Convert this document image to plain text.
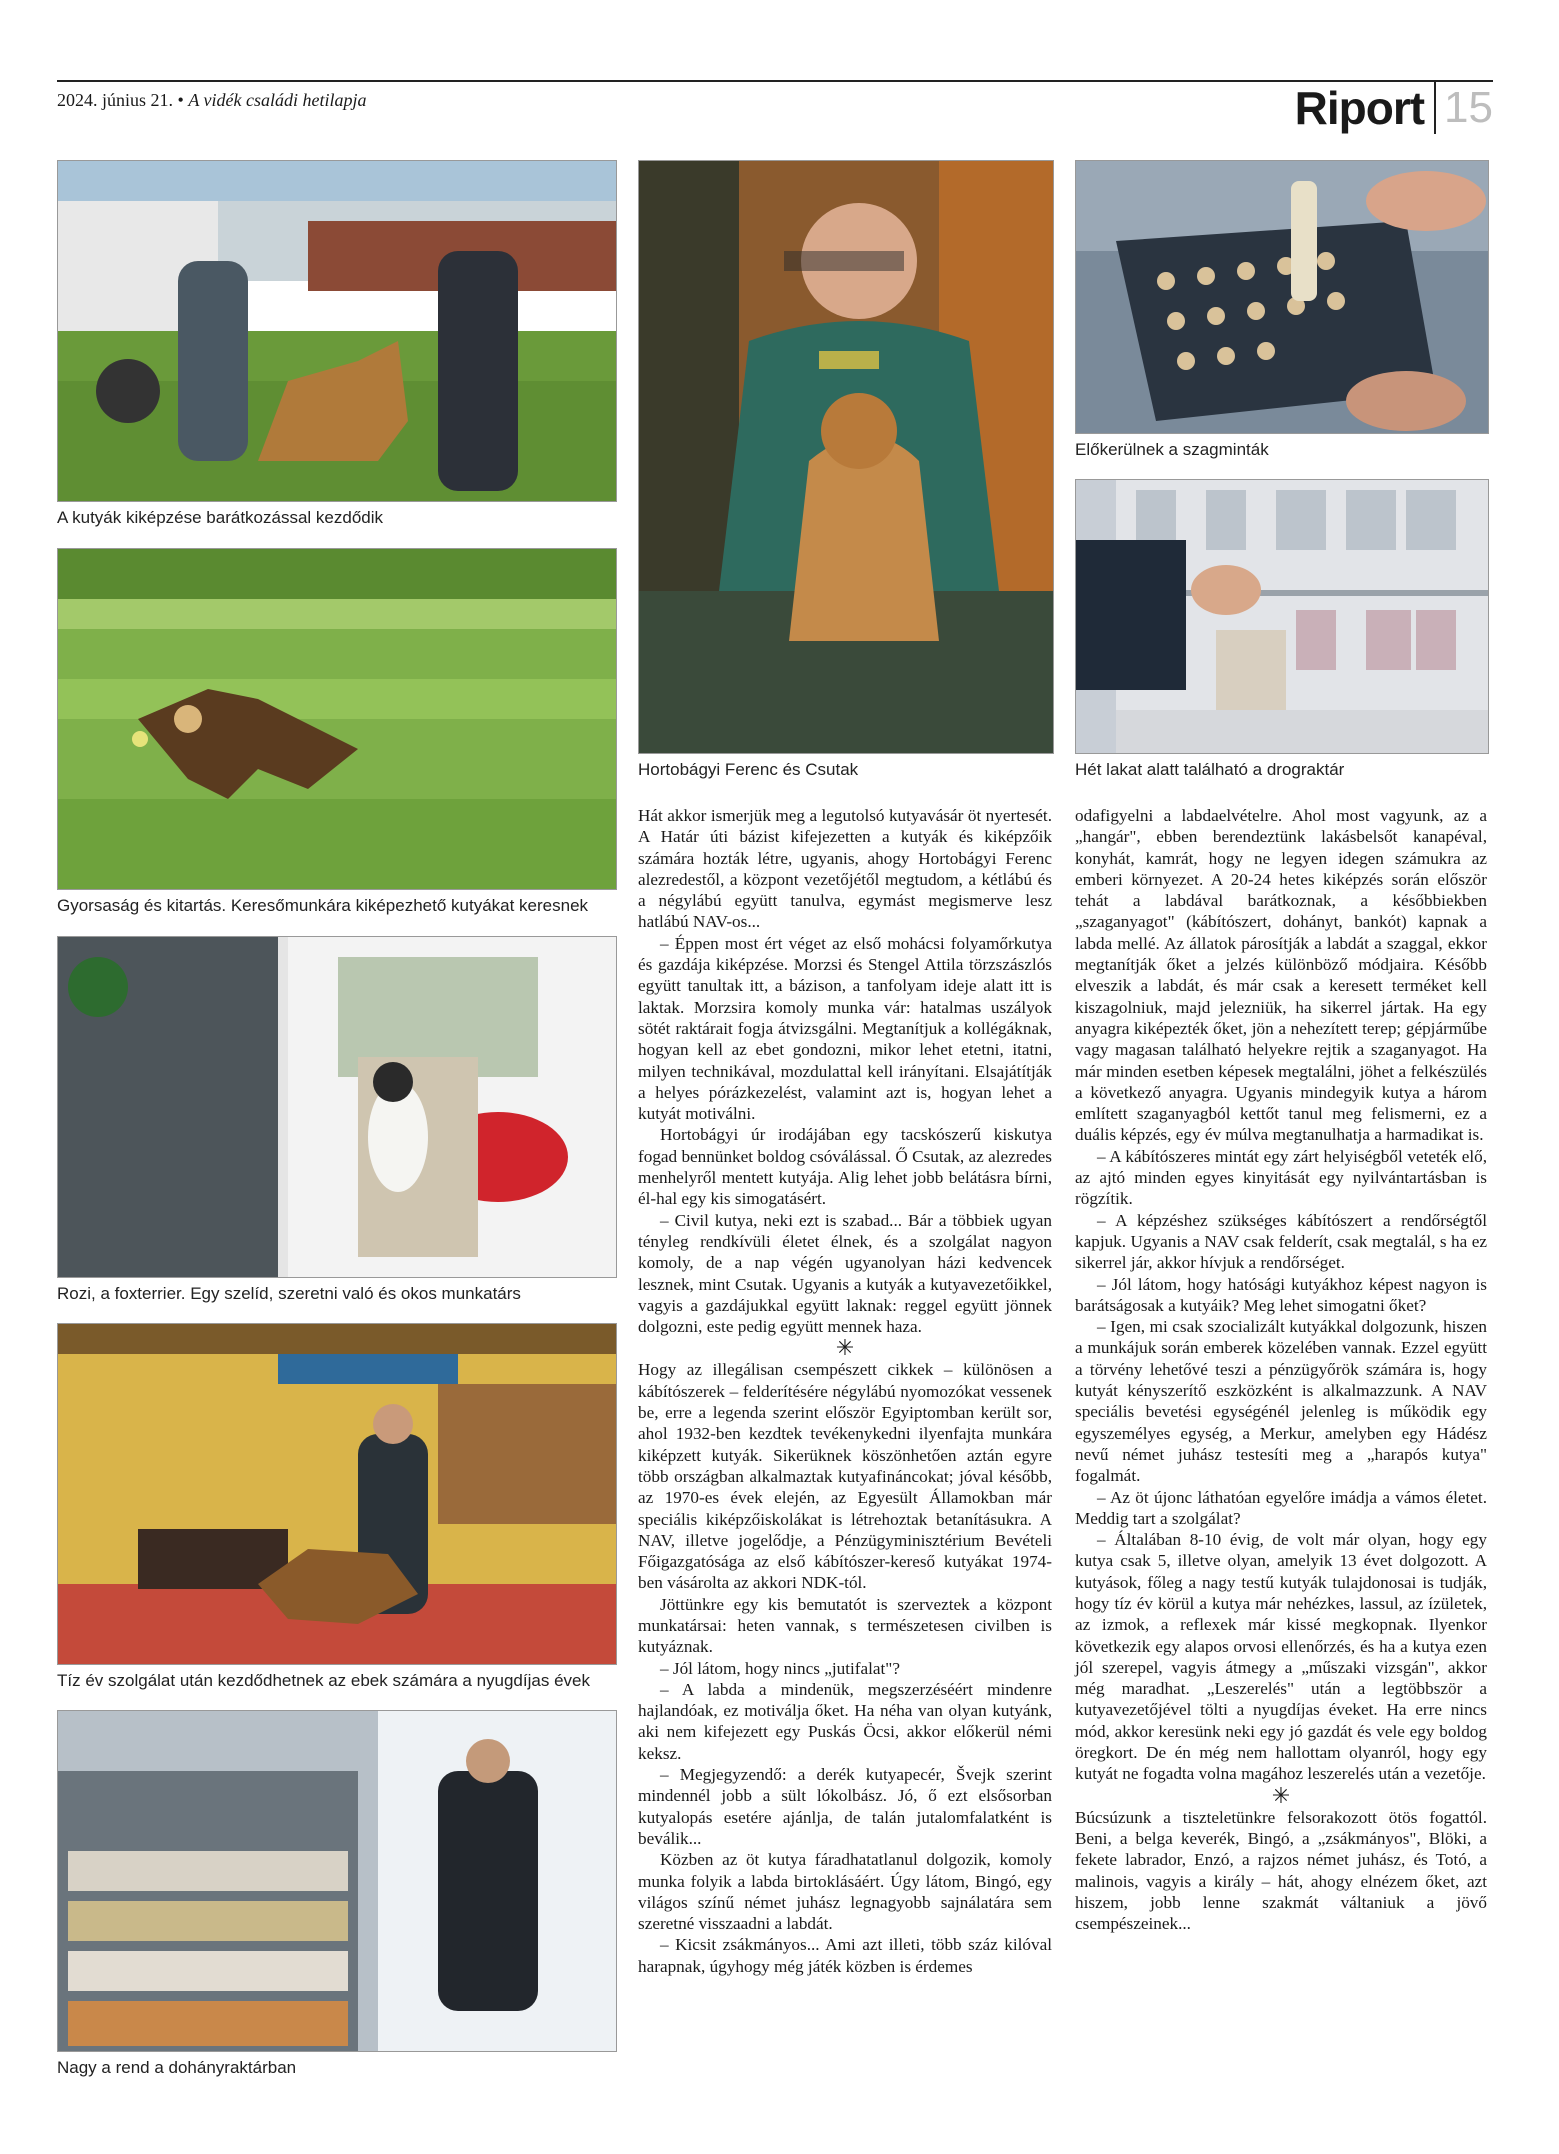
2024. június 21. • A vidék családi hetilapja	Riport 15
A kutyák kiképzése barátkozással kezdődik
Gyorsaság és kitartás. Keresőmunkára kiképezhető kutyákat keresnek
Rozi, a foxterrier. Egy szelíd, szeretni való és okos munkatárs
Tíz év szolgálat után kezdődhetnek az ebek számára a nyugdíjas évek
Nagy a rend a dohányraktárban
Hortobágyi Ferenc és Csutak
Előkerülnek a szagminták
Hét lakat alatt található a drograktár

Hát akkor ismerjük meg a legutolsó kutyavásár öt nyertesét. A Határ úti bázist kifejezetten a kutyák és kiképzőik számára hozták létre, ugyanis, ahogy Hortobágyi Ferenc alezredestől, a központ vezetőjétől megtudom, a kétlábú és a négylábú együtt tanulva, egymást megismerve lesz hatlábú NAV-os...

– Éppen most ért véget az első mohácsi folyamőrkutya és gazdája kiképzése. Morzsi és Stengel Attila törzszászlós együtt tanultak itt, a bázison, a tanfolyam ideje alatt itt is laktak. Morzsira komoly munka vár: hatalmas uszályok sötét raktárait fogja átvizsgálni. Megtanítjuk a kollégáknak, hogyan kell az ebet gondozni, mikor lehet etetni, itatni, milyen technikával, mozdulattal kell irányítani. Elsajátítják a helyes pórázkezelést, valamint azt is, hogyan lehet a kutyát motiválni.

Hortobágyi úr irodájában egy tacskószerű kiskutya fogad bennünket boldog csóválással. Ő Csutak, az alezredes menhelyről mentett kutyája. Alig lehet jobb belátásra bírni, él-hal egy kis simogatásért.

– Civil kutya, neki ezt is szabad... Bár a többiek ugyan tényleg rendkívüli életet élnek, és a szolgálat nagyon komoly, de a nap végén ugyanolyan házi kedvencek lesznek, mint Csutak. Ugyanis a kutyák a kutyavezetőikkel, vagyis a gazdájukkal együtt laknak: reggel együtt jönnek dolgozni, este pedig együtt mennek haza.

✳

Hogy az illegálisan csempészett cikkek – különösen a kábítószerek – felderítésére négylábú nyomozókat vessenek be, erre a legenda szerint először Egyiptomban került sor, ahol 1932-ben kezdtek tevékenykedni ilyenfajta munkára kiképzett kutyák. Sikerüknek köszönhetően aztán egyre több országban alkalmaztak kutyafináncokat; jóval később, az 1970-es évek elején, az Egyesült Államokban már speciális kiképzőiskolákat is létrehoztak betanításukra. A NAV, illetve jogelődje, a Pénzügyminisztérium Bevételi Főigazgatósága az első kábítószer-kereső kutyákat 1974-ben vásárolta az akkori NDK-tól.

Jöttünkre egy kis bemutatót is szerveztek a központ munkatársai: heten vannak, s természetesen civilben is kutyáznak.

– Jól látom, hogy nincs „jutifalat"?

– A labda a mindenük, megszerzéséért mindenre hajlandóak, ez motiválja őket. Ha néha van olyan kutyánk, aki nem kifejezett egy Puskás Öcsi, akkor előkerül némi keksz.

– Megjegyzendő: a derék kutyapecér, Švejk szerint mindennél jobb a sült lókolbász. Jó, ő ezt elsősorban kutyalopás esetére ajánlja, de talán jutalomfalatként is beválik...

Közben az öt kutya fáradhatatlanul dolgozik, komoly munka folyik a labda birtoklásáért. Úgy látom, Bingó, egy világos színű német juhász legnagyobb sajnálatára sem szeretné visszaadni a labdát.

– Kicsit zsákmányos... Ami azt illeti, több száz kilóval harapnak, úgyhogy még játék közben is érdemes

odafigyelni a labdaelvételre. Ahol most vagyunk, az a „hangár", ebben berendeztünk lakásbelsőt kanapéval, konyhát, kamrát, hogy ne legyen idegen számukra az emberi környezet. A 20-24 hetes kiképzés során először tehát a labdával barátkoznak, a későbbiekben „szaganyagot" (kábítószert, dohányt, bankót) kapnak a labda mellé. Az állatok párosítják a labdát a szaggal, ekkor megtanítják őket a jelzés különböző módjaira. Később elveszik a labdát, és már csak a keresett terméket kell kiszagolniuk, majd jelezniük, ha sikerrel jártak. Ha egy anyagra kiképezték őket, jön a nehezített terep; gépjárműbe vagy magasan található helyekre rejtik a szaganyagot. Ha már minden esetben képesek megtalálni, jöhet a felkészülés a következő anyagra. Ugyanis mindegyik kutya a három említett szaganyagból kettőt tanul meg felismerni, ez a duális képzés, egy év múlva megtanulhatja a harmadikat is.

– A kábítószeres mintát egy zárt helyiségből veteték elő, az ajtó minden egyes kinyitását egy nyilvántartásban is rögzítik.

– A képzéshez szükséges kábítószert a rendőrségtől kapjuk. Ugyanis a NAV csak felderít, csak megtalál, s ha ez sikerrel jár, akkor hívjuk a rendőrséget.

– Jól látom, hogy hatósági kutyákhoz képest nagyon is barátságosak a kutyáik? Meg lehet simogatni őket?

– Igen, mi csak szocializált kutyákkal dolgozunk, hiszen a munkájuk során emberek közelében vannak. Ezzel együtt a törvény lehetővé teszi a pénzügyőrök számára is, hogy kutyát kényszerítő eszközként is alkalmazzunk. A NAV speciális bevetési egységénél jelenleg is működik egy egyszemélyes egység, a Merkur, amelyben egy Hádész nevű német juhász testesíti meg a „harapós kutya" fogalmát.

– Az öt újonc láthatóan egyelőre imádja a vámos életet. Meddig tart a szolgálat?

– Általában 8-10 évig, de volt már olyan, hogy egy kutya csak 5, illetve olyan, amelyik 13 évet dolgozott. A kutyások, főleg a nagy testű kutyák tulajdonosai is tudják, hogy tíz év körül a kutya már nehézkes, lassul, az ízületek, az izmok, a reflexek már kissé megkopnak. Ilyenkor következik egy alapos orvosi ellenőrzés, és ha a kutya ezen jól szerepel, vagyis átmegy a „műszaki vizsgán", akkor még maradhat. „Leszerelés" után a legtöbbször a kutyavezetőjével tölti a nyugdíjas éveket. Ha erre nincs mód, akkor keresünk neki egy jó gazdát és vele egy boldog öregkort. De én még nem hallottam olyanról, hogy egy kutyát ne fogadta volna magához leszerelés után a vezetője.

✳

Búcsúzunk a tiszteletünkre felsorakozott ötös fogattól. Beni, a belga keverék, Bingó, a „zsákmányos", Blöki, a fekete labrador, Enzó, a rajzos német juhász, és Totó, a malinois, vagyis a király – hát, ahogy elnézem őket, azt hiszem, jobb lenne szakmát váltaniuk a jövő csempészeinek...
